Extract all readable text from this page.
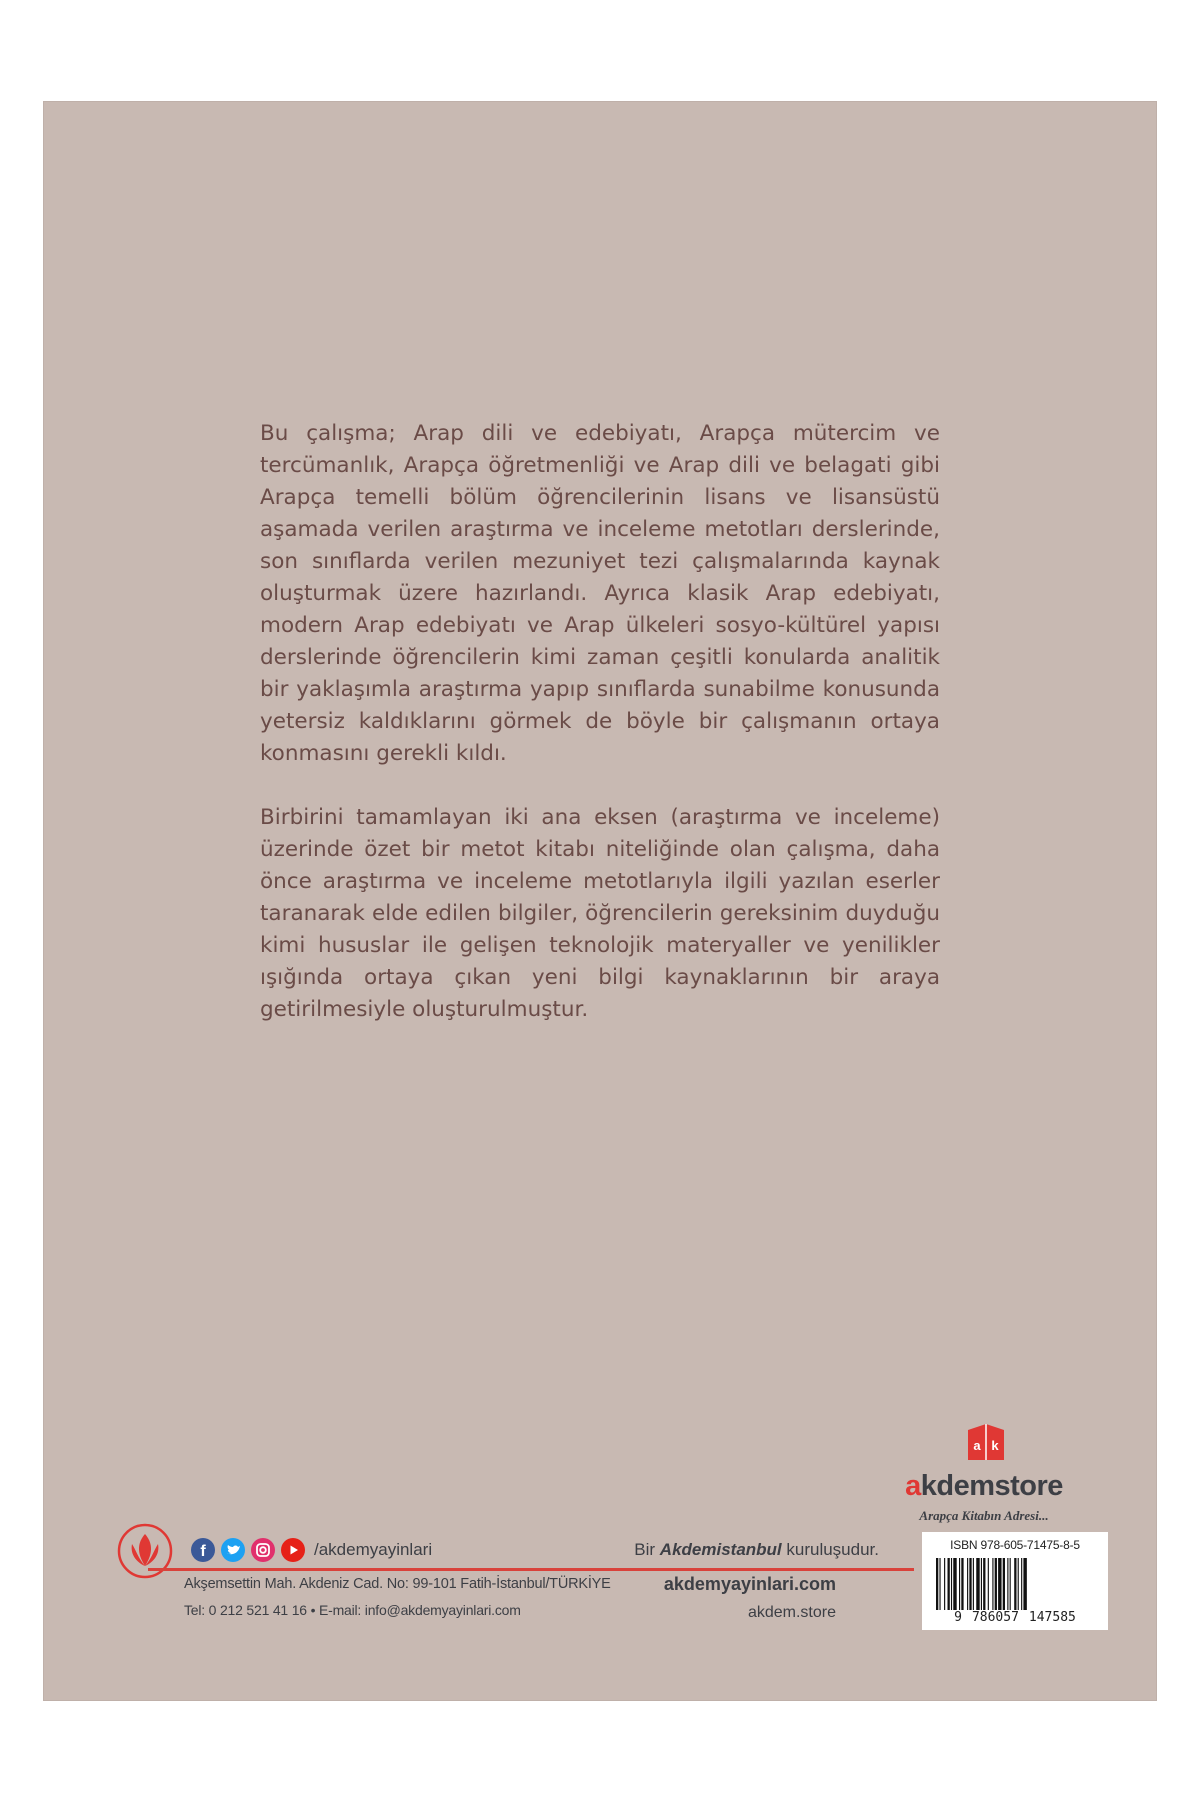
Bu çalışma; Arap dili ve edebiyatı, Arapça mütercim ve tercümanlık, Arapça öğretmenliği ve Arap dili ve belagati gibi Arapça temelli bölüm öğrencilerinin lisans ve lisansüstü aşamada verilen araştırma ve inceleme metotları derslerinde, son sınıflarda verilen mezuniyet tezi çalışmalarında kaynak oluşturmak üzere hazırlandı. Ayrıca klasik Arap edebiyatı, modern Arap edebiyatı ve Arap ülkeleri sosyo-kültürel yapısı derslerinde öğrencilerin kimi zaman çeşitli konularda analitik bir yaklaşımla araştırma yapıp sınıflarda sunabilme konusunda yetersiz kaldıklarını görmek de böyle bir çalışmanın ortaya konmasını gerekli kıldı.

Birbirini tamamlayan iki ana eksen (araştırma ve inceleme) üzerinde özet bir metot kitabı niteliğinde olan çalışma, daha önce araştırma ve inceleme metotlarıyla ilgili yazılan eserler taranarak elde edilen bilgiler, öğrencilerin gereksinim duyduğu kimi hususlar ile gelişen teknolojik materyaller ve yenilikler ışığında ortaya çıkan yeni bilgi kaynaklarının bir araya getirilmesiyle oluşturulmuştur.

a k
akdemstore
Arapça Kitabın Adresi...
f	/akdemyayinlari	Bir Akdemistanbul kuruluşudur.
Akşemsettin Mah. Akdeniz Cad. No: 99-101 Fatih-İstanbul/TÜRKİYE
Tel: 0 212 521 41 16 • E-mail: info@akdemyayinlari.com
akdemyayinlari.com
akdem.store
ISBN 978-605-71475-8-5
9 786057 147585
